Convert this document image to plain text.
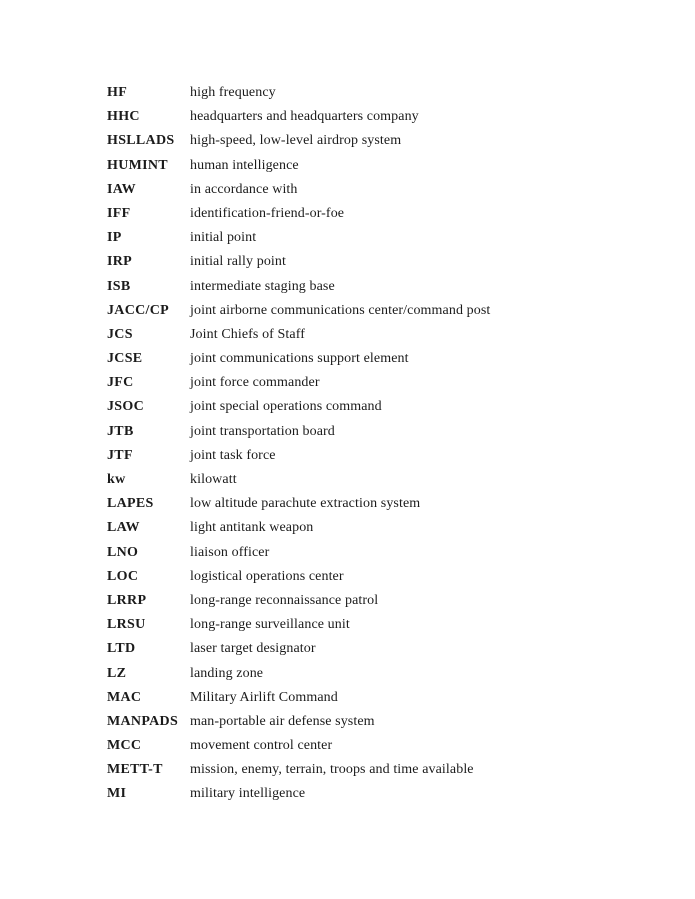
HF	high frequency
HHC	headquarters and headquarters company
HSLLADS	high-speed, low-level airdrop system
HUMINT	human intelligence
IAW	in accordance with
IFF	identification-friend-or-foe
IP	initial point
IRP	initial rally point
ISB	intermediate staging base
JACC/CP	joint airborne communications center/command post
JCS	Joint Chiefs of Staff
JCSE	joint communications support element
JFC	joint force commander
JSOC	joint special operations command
JTB	joint transportation board
JTF	joint task force
kw	kilowatt
LAPES	low altitude parachute extraction system
LAW	light antitank weapon
LNO	liaison officer
LOC	logistical operations center
LRRP	long-range reconnaissance patrol
LRSU	long-range surveillance unit
LTD	laser target designator
LZ	landing zone
MAC	Military Airlift Command
MANPADS man-portable air defense system
MCC	movement control center
METT-T	mission, enemy, terrain, troops and time available
MI	military intelligence
